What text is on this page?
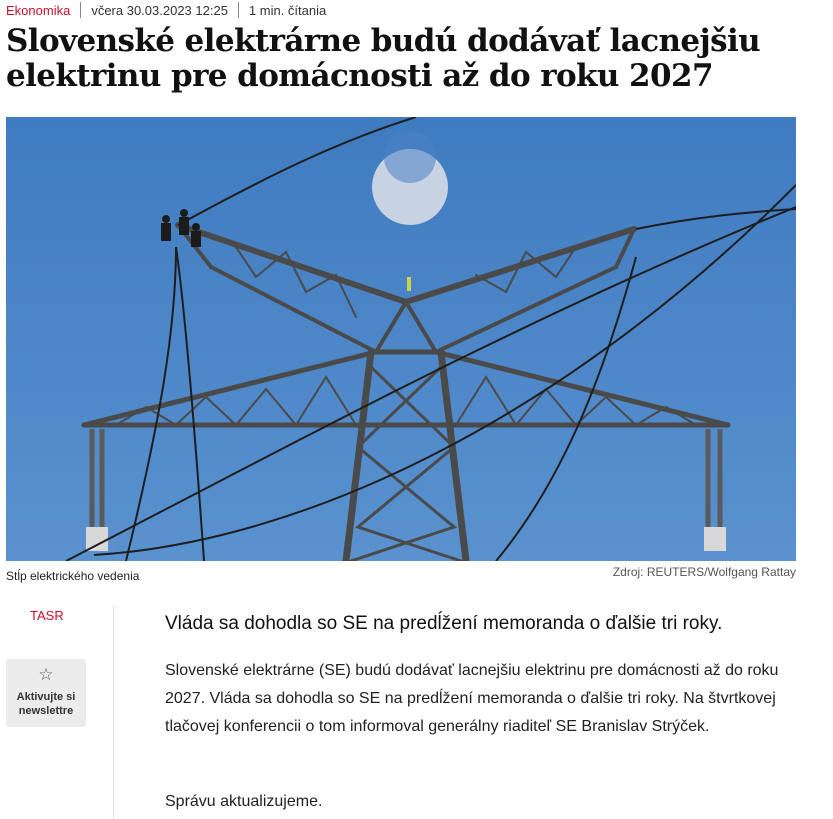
Ekonomika včera 30.03.2023 12:25 1 min. čítania
Slovenské elektrárne budú dodávať lacnejšiu elektrinu pre domácnosti až do roku 2027
Stĺp elektrického vedenia	Zdroj: REUTERS/Wolfgang Rattay
TASR
☆
Aktivujte si newslettre

Vláda sa dohodla so SE na predĺžení memoranda o ďalšie tri roky.

Slovenské elektrárne (SE) budú dodávať lacnejšiu elektrinu pre domácnosti až do roku 2027. Vláda sa dohodla so SE na predĺžení memoranda o ďalšie tri roky. Na štvrtkovej tlačovej konferencii o tom informoval generálny riaditeľ SE Branislav Strýček.

Správu aktualizujeme.
